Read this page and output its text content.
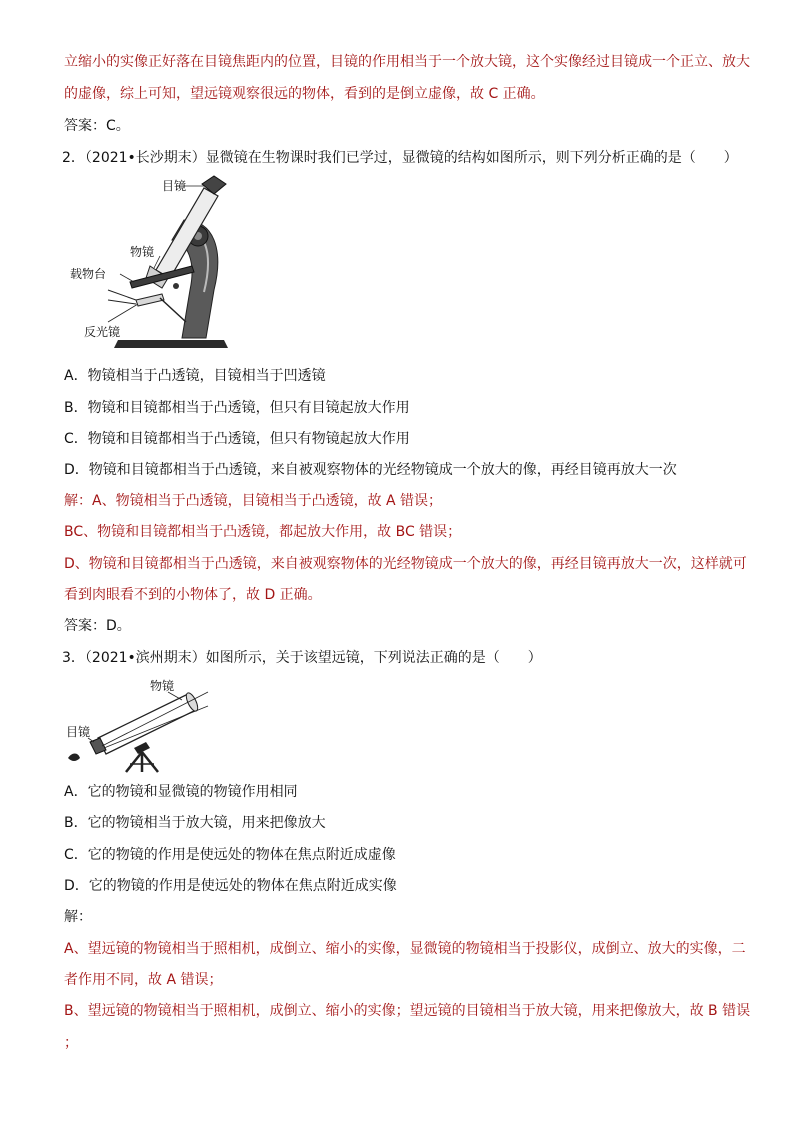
立缩小的实像正好落在目镜焦距内的位置，目镜的作用相当于一个放大镜，这个实像经过目镜成一个正立、放大
的虚像，综上可知，望远镜观察很远的物体，看到的是倒立虚像，故 C 正确。
答案：C。
2．（2021•长沙期末）显微镜在生物课时我们已学过，显微镜的结构如图所示，则下列分析正确的是（　　）
目镜
物镜
载物台
反光镜
A．物镜相当于凸透镜，目镜相当于凹透镜
B．物镜和目镜都相当于凸透镜，但只有目镜起放大作用
C．物镜和目镜都相当于凸透镜，但只有物镜起放大作用
D．物镜和目镜都相当于凸透镜，来自被观察物体的光经物镜成一个放大的像，再经目镜再放大一次
解：A、物镜相当于凸透镜，目镜相当于凸透镜，故 A 错误；
BC、物镜和目镜都相当于凸透镜，都起放大作用，故 BC 错误；
D、物镜和目镜都相当于凸透镜，来自被观察物体的光经物镜成一个放大的像，再经目镜再放大一次，这样就可
看到肉眼看不到的小物体了，故 D 正确。
答案：D。
3．（2021•滨州期末）如图所示，关于该望远镜，下列说法正确的是（　　）
物镜
目镜
A．它的物镜和显微镜的物镜作用相同
B．它的物镜相当于放大镜，用来把像放大
C．它的物镜的作用是使远处的物体在焦点附近成虚像
D．它的物镜的作用是使远处的物体在焦点附近成实像
解：
A、望远镜的物镜相当于照相机，成倒立、缩小的实像，显微镜的物镜相当于投影仪，成倒立、放大的实像，二
者作用不同，故 A 错误；
B、望远镜的物镜相当于照相机，成倒立、缩小的实像；望远镜的目镜相当于放大镜，用来把像放大，故 B 错误
；
